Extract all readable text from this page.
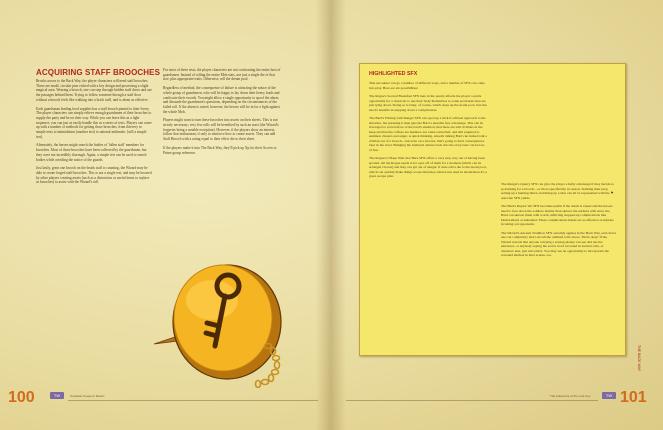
ACQUIRING STAFF BROOCHES

Brooks across to the Back Way, the player characters will need staff brooches. These are small, circular pins etched with a key design and possessing a slight magical aura. Wearing a brooch, one can step through hidden staff doors and use the passages behind them. Trying to follow someone through a staff door without a brooch feels like walking into a brick wall, and is about as effective.

Each guardsman leading food supplies has a staff brooch pinned to their livery. The player characters can simply relieve enough guardsmen of their brooches to supply the party and be on their way. While you can leave this as a light sequence, you can just as easily handle this as a series of tests. Players can come up with a number of methods for getting those brooches, from thievery to simple tests to intimidation (another test) to rational arithmetic (still a simple test).

Alternately, the heroes might search the bodies of 'fallen staff' members for brooches. Most of those brooches have been collected by the guardsmen, but they were not incredibly thorough. Again, a simple test can be used to search bodies while avoiding the notice of the guards.

Just lastly, great one brooch on the heads staff is counting, the Wizard may be able to create forged staff brooches. This is not a single test, and may be boosted by other players creating assets (such as a distraction or useful items to replace as brooches) to assist with the Wizard's roll.

For most of these tests, the player characters are not confronting the entire host of guardsmen. Instead of rolling the entire Mob stats, use just a single die of that size, plus appropriate traits. Otherwise, roll the dream pool.

Regardless of method, the consequence of failure is attracting the notice of the whole group of guardsmen, who will be happy to lay down their heavy loads and confiscate their swords. You might allow a single opportunity to spoof the alarm and dissuade the guardsmen's questions, depending on the circumstances of the failed roll. If the alarm is raised, however, the heroes will be in for a fight against the whole Mob.

Players might want to turn these brooches into assets on their sheets. This is not strictly necessary; very few rolls will be benefited by such an asset (the Wizard's forgeries being a notable exception). However, if the players show an interest, follow that enthusiasm, if only to reinforce how to create assets. They can add Staff Brooch with a rating equal to their effect die to their sheet.

If the players make it into The Back Way, they'll pick up Xp for their Access to Prime group reference.

HIGHLIGHTED SFX

This encounter can go a number of different ways, and a number of SFX can come into play. Here are six possibilities:

The Rogue's Second Breakfast SFX here in the pantry affords the player a quick opportunity for a character to use their body themselves to some provisions that are just lying about. Doing so is risky, of course, which steps up the doom pool, but also has its benefits in stepping down a complication.

The Bard's Flirting with Danger SFX can open up a trick if advised approach to the situation, but pursuing it then gets the Bard a sizeable free advantage. This can be leveraged to reveal more of the bard's situation; that there are still civilians in the keep and that the coffees are haunted, not rated-controlled, and still required to summon clusters and anger. A quick thinking, smooth talking Bard can indeed talk a civilian out of a brooch—but even on a success, that's going to have consequences later in the level. Bringing the bothered culture back into the story later can be lots of fun.

The Rogue's I Hope Wait Just Here SFX offers a very easy way out of having been spotted. All the Rogue needs is for eyes off of them for a moment (which can be arranged via test) and they can get out of danger. It does add a die to the doom pool, which can quickly make things worse than they started, but used in moderation it's a great escape plan.

The Ranger's Quarry SFX can give the player a hefty advantage if they decide to go hunting for a brooch—or more specifically, in reason. Stalking their prey, setting up a hunting blind, and lining up a shot can all be represented with the ⚑ asset the SFX yields.

The Bard's Ruptor We SFX becomes useful if the alarm is raised and the heroes need to face down the soldiers. Rather than skewer the soldiers with steel, the Bard can skewer them with words, inflicting stepped-up complications like Demoralized or Ashamed. These complications inside are as effective as injuries in taking out opponents.

The Wizard's Ancient Tradition SFX certainly applies in the Back Way, and clever use can completely short-circuit the outlined rolls above. That's okay! If the Wizard reveals that anyone carrying a sewing plaster can see and use the entrances, or anybody saying the secret word recorded in ancient rolls, or whatever else, just run with it. You may see an opportunity to incorporate the revealed method in later scenes, too.

THE BACK WAY

100	TW	Guardian Keeper's Realm	The Adventure of the Lost Key	TW 101
